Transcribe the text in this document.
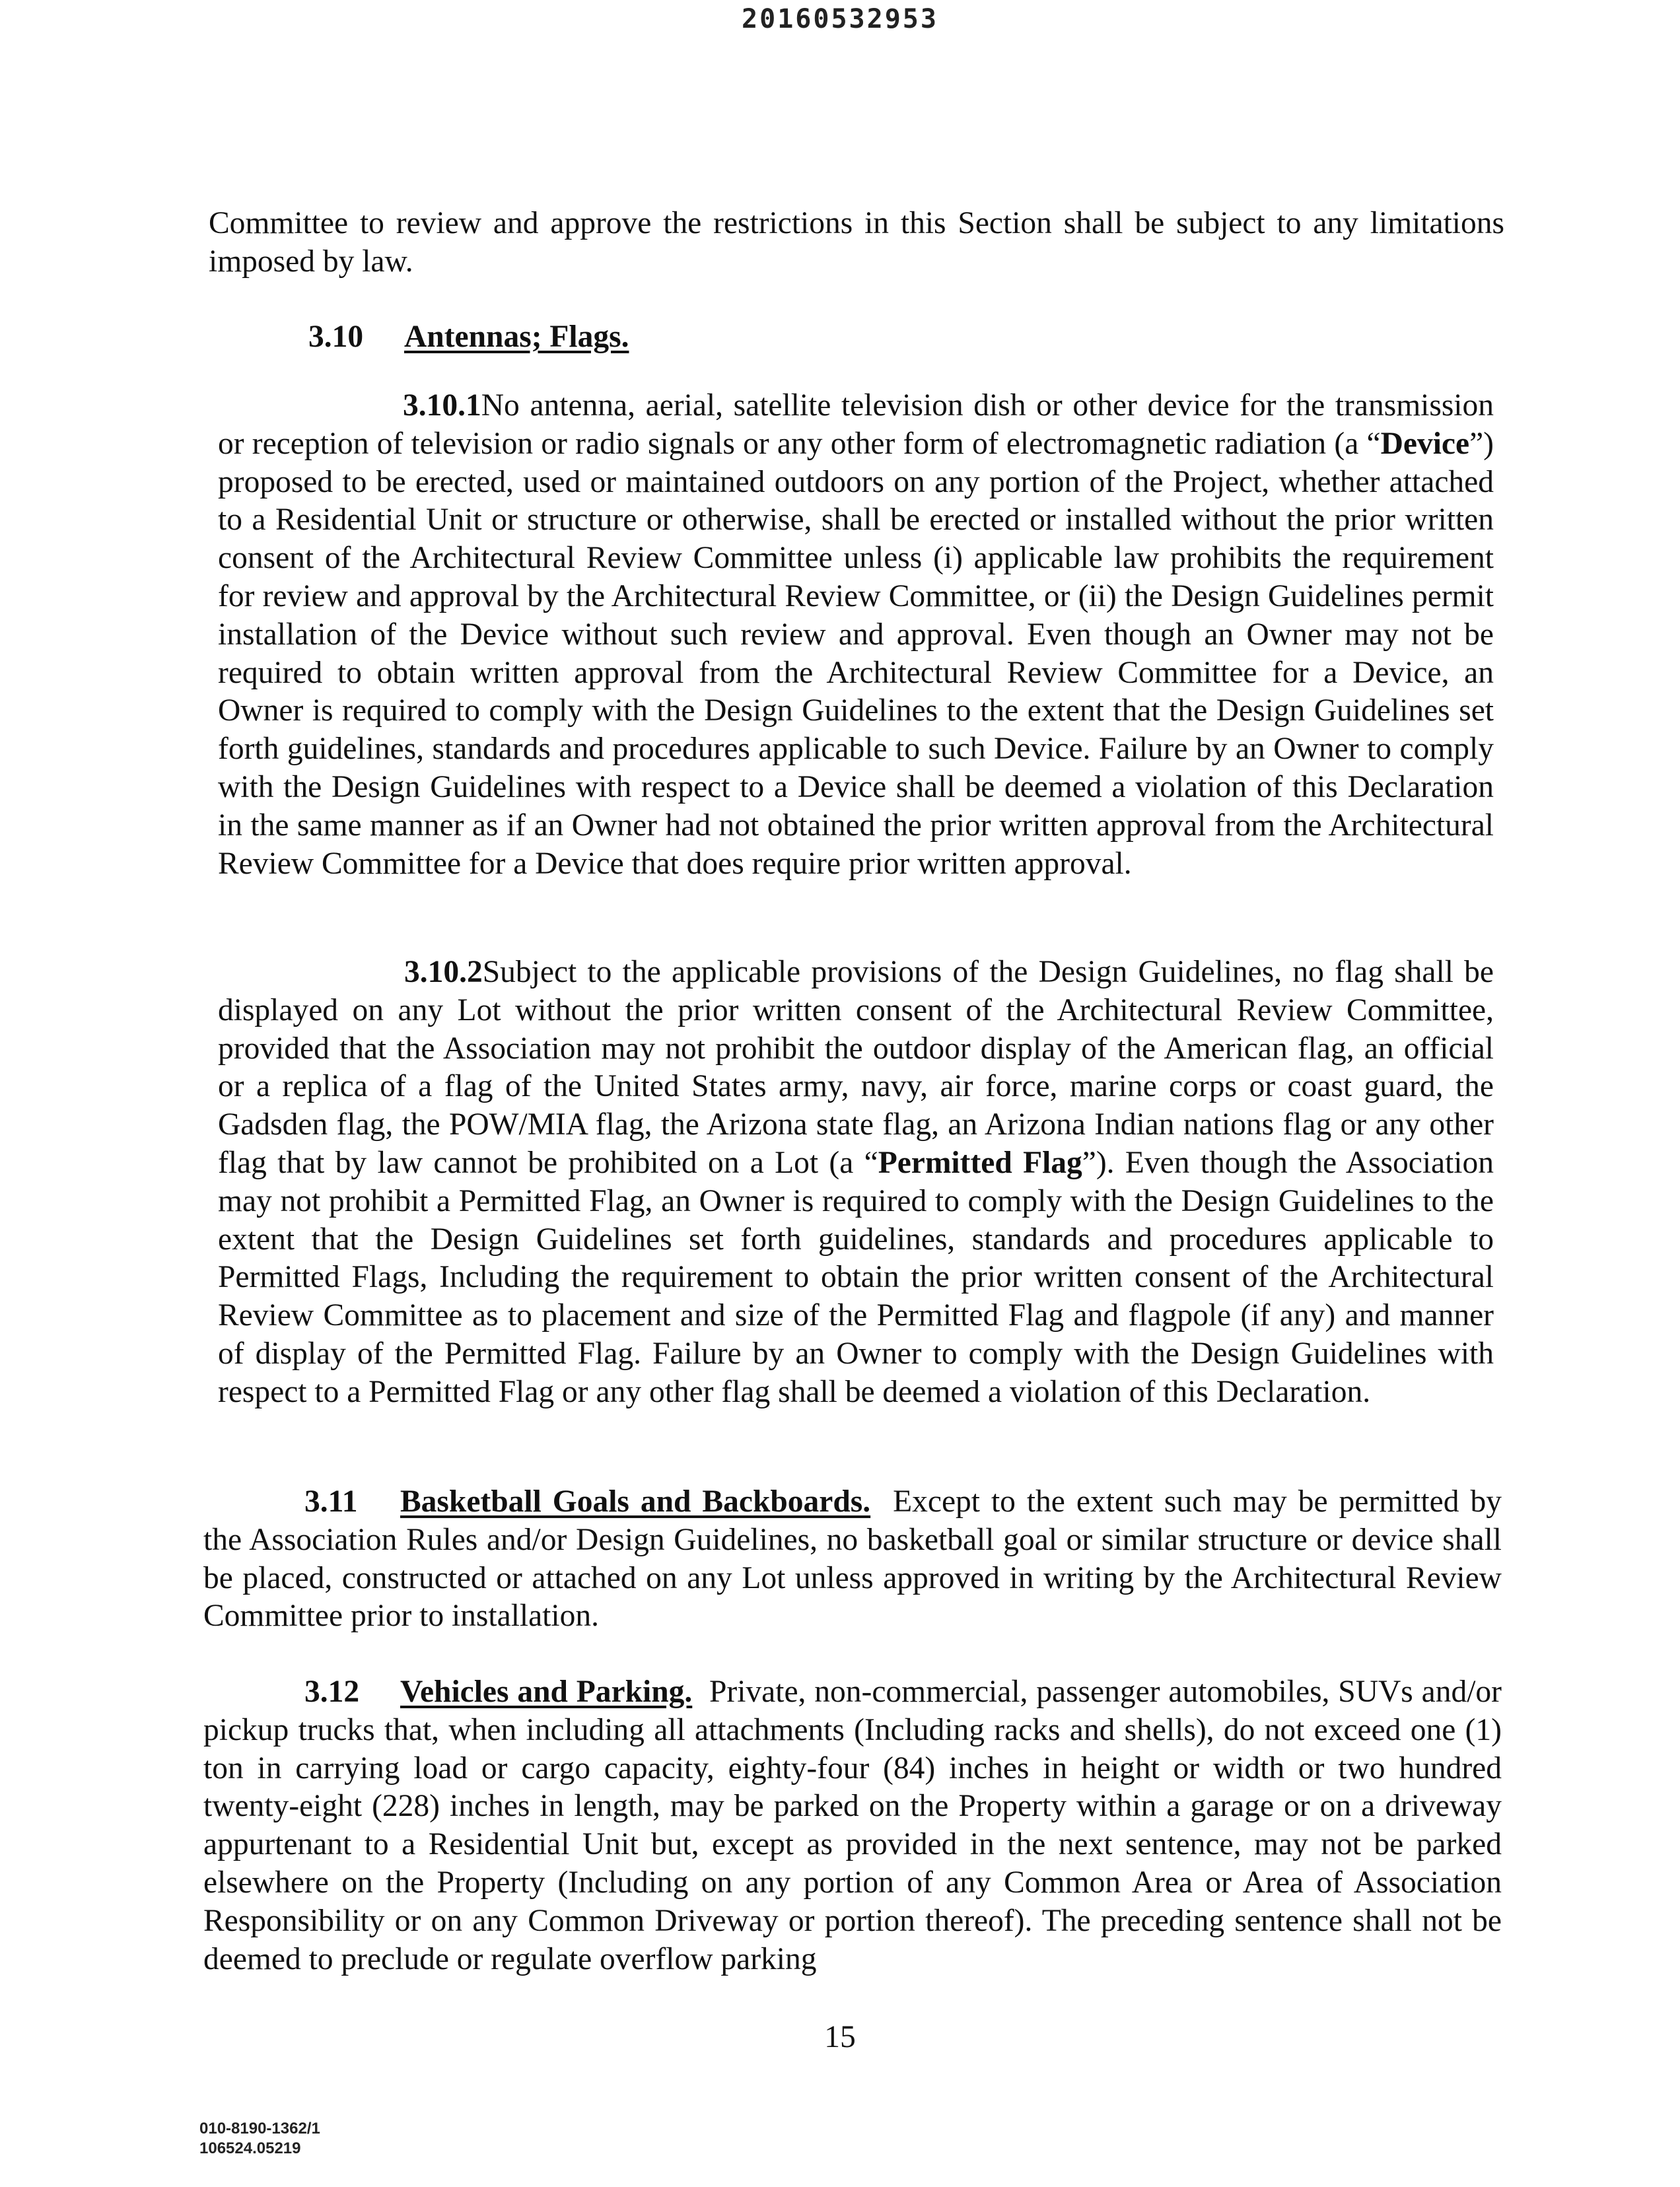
20160532953

Committee to review and approve the restrictions in this Section shall be subject to any limitations imposed by law.

3.10 Antennas; Flags.

3.10.1No antenna, aerial, satellite television dish or other device for the transmission or reception of television or radio signals or any other form of electromagnetic radiation (a “Device”) proposed to be erected, used or maintained outdoors on any portion of the Project, whether attached to a Residential Unit or structure or otherwise, shall be erected or installed without the prior written consent of the Architectural Review Committee unless (i) applicable law prohibits the requirement for review and approval by the Architectural Review Committee, or (ii) the Design Guidelines permit installation of the Device without such review and approval. Even though an Owner may not be required to obtain written approval from the Architectural Review Committee for a Device, an Owner is required to comply with the Design Guidelines to the extent that the Design Guidelines set forth guidelines, standards and procedures applicable to such Device. Failure by an Owner to comply with the Design Guidelines with respect to a Device shall be deemed a violation of this Declaration in the same manner as if an Owner had not obtained the prior written approval from the Architectural Review Committee for a Device that does require prior written approval.

3.10.2Subject to the applicable provisions of the Design Guidelines, no flag shall be displayed on any Lot without the prior written consent of the Architectural Review Committee, provided that the Association may not prohibit the outdoor display of the American flag, an official or a replica of a flag of the United States army, navy, air force, marine corps or coast guard, the Gadsden flag, the POW/MIA flag, the Arizona state flag, an Arizona Indian nations flag or any other flag that by law cannot be prohibited on a Lot (a “Permitted Flag”). Even though the Association may not prohibit a Permitted Flag, an Owner is required to comply with the Design Guidelines to the extent that the Design Guidelines set forth guidelines, standards and procedures applicable to Permitted Flags, Including the requirement to obtain the prior written consent of the Architectural Review Committee as to placement and size of the Permitted Flag and flagpole (if any) and manner of display of the Permitted Flag. Failure by an Owner to comply with the Design Guidelines with respect to a Permitted Flag or any other flag shall be deemed a violation of this Declaration.

3.11 Basketball Goals and Backboards. Except to the extent such may be permitted by the Association Rules and/or Design Guidelines, no basketball goal or similar structure or device shall be placed, constructed or attached on any Lot unless approved in writing by the Architectural Review Committee prior to installation.

3.12 Vehicles and Parking. Private, non-commercial, passenger automobiles, SUVs and/or pickup trucks that, when including all attachments (Including racks and shells), do not exceed one (1) ton in carrying load or cargo capacity, eighty-four (84) inches in height or width or two hundred twenty-eight (228) inches in length, may be parked on the Property within a garage or on a driveway appurtenant to a Residential Unit but, except as provided in the next sentence, may not be parked elsewhere on the Property (Including on any portion of any Common Area or Area of Association Responsibility or on any Common Driveway or portion thereof). The preceding sentence shall not be deemed to preclude or regulate overflow parking

15
010-8190-1362/1
106524.05219
